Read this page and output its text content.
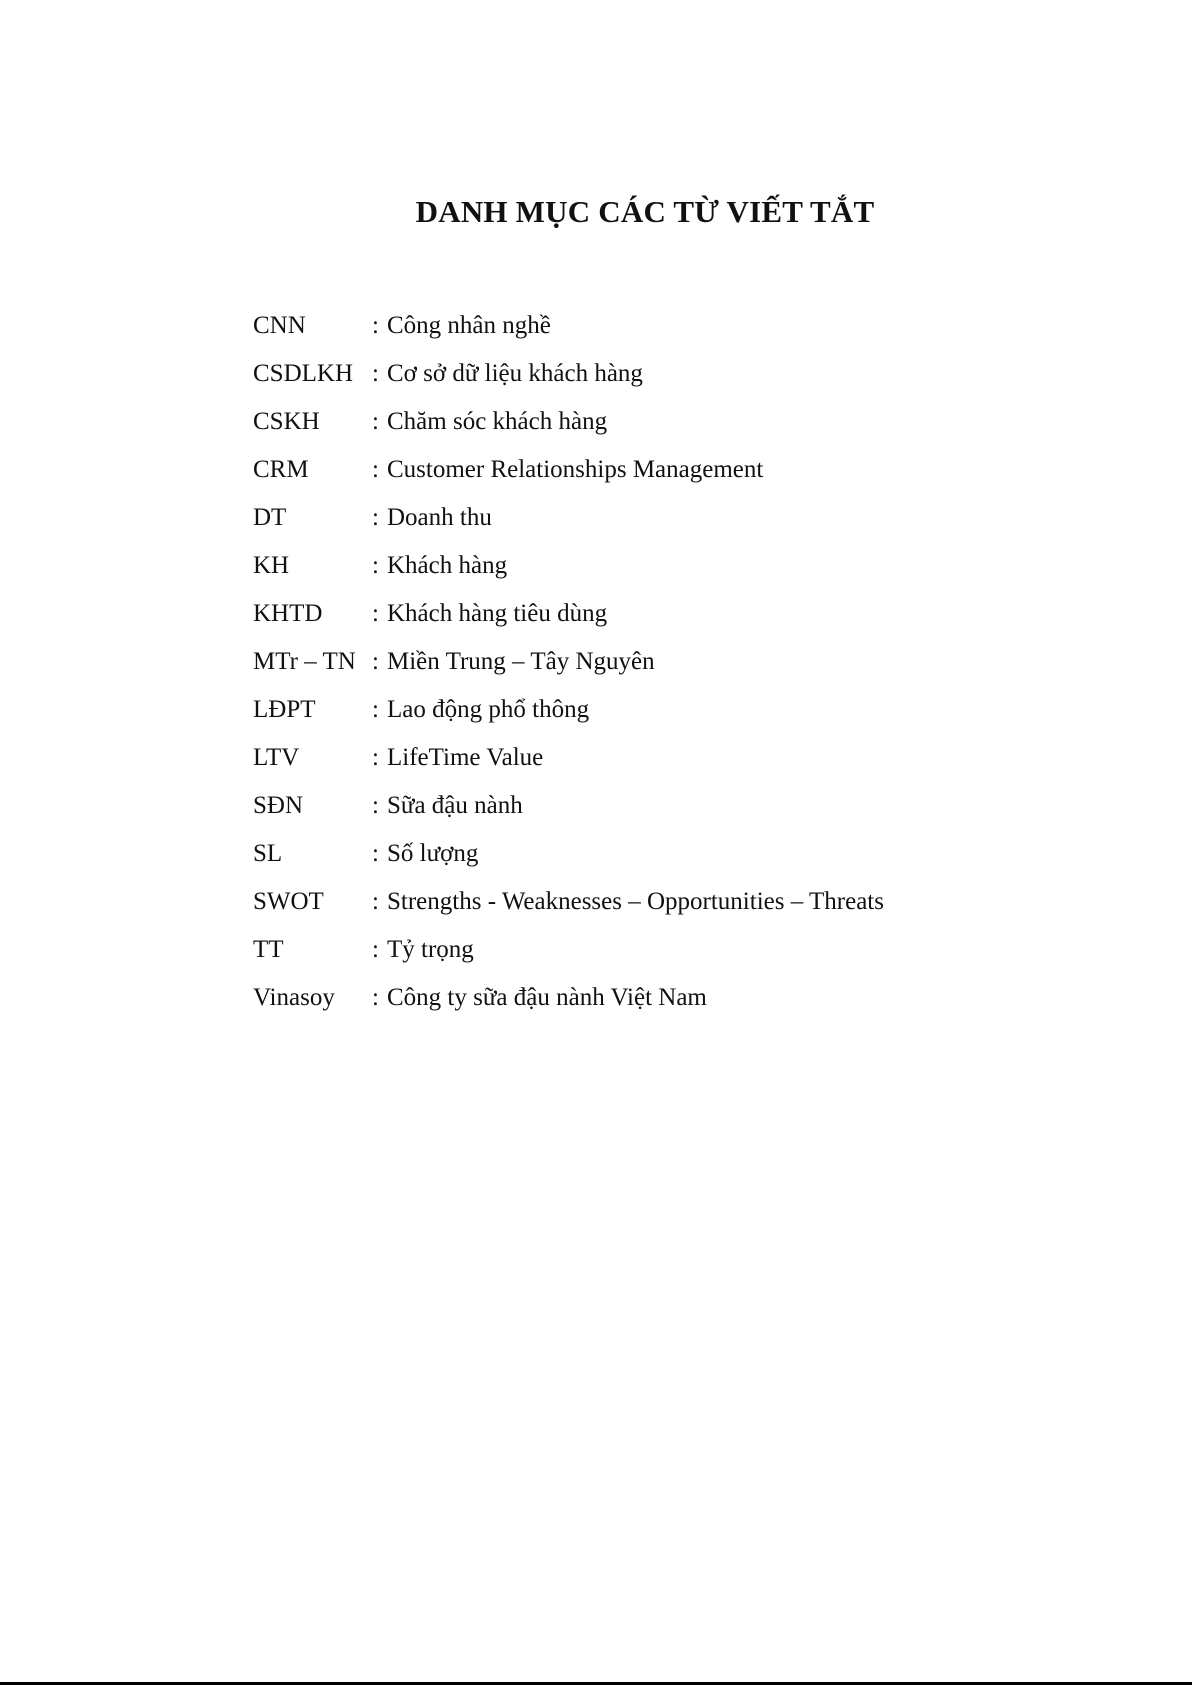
DANH MỤC CÁC TỪ VIẾT TẮT
CNN	: Công nhân nghề
CSDLKH : Cơ sở dữ liệu khách hàng
CSKH	: Chăm sóc khách hàng
CRM	: Customer Relationships Management
DT	: Doanh thu
KH	: Khách hàng
KHTD	: Khách hàng tiêu dùng
MTr – TN : Miền Trung – Tây Nguyên
LĐPT	: Lao động phổ thông
LTV	: LifeTime Value
SĐN	: Sữa đậu nành
SL	: Số lượng
SWOT	: Strengths - Weaknesses – Opportunities – Threats
TT	: Tỷ trọng
Vinasoy	: Công ty sữa đậu nành Việt Nam
